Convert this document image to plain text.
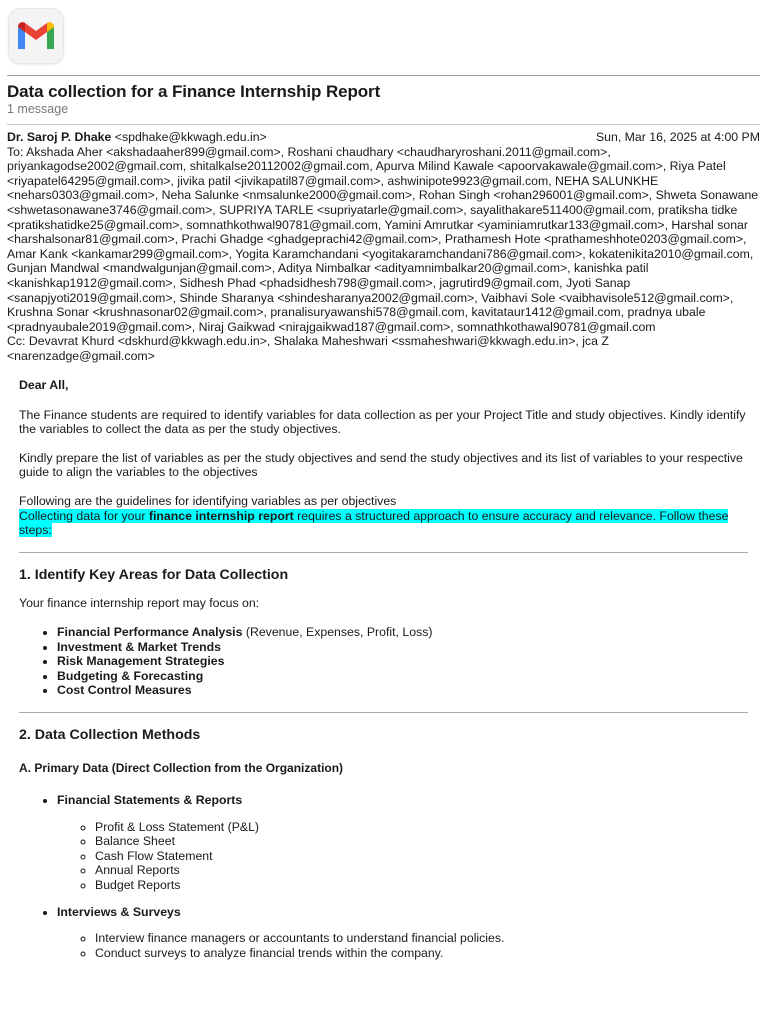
Data collection for a Finance Internship Report
1 message
Dr. Saroj P. Dhake <spdhake@kkwagh.edu.in>	Sun, Mar 16, 2025 at 4:00 PM
To: Akshada Aher <akshadaaher899@gmail.com>, Roshani chaudhary <chaudharyroshani.2011@gmail.com>, priyankagodse2002@gmail.com, shitalkalse20112002@gmail.com, Apurva Milind Kawale <apoorvakawale@gmail.com>, Riya Patel <riyapatel64295@gmail.com>, jivika patil <jivikapatil87@gmail.com>, ashwinipote9923@gmail.com, NEHA SALUNKHE <nehars0303@gmail.com>, Neha Salunke <nmsalunke2000@gmail.com>, Rohan Singh <rohan296001@gmail.com>, Shweta Sonawane <shwetasonawane3746@gmail.com>, SUPRIYA TARLE <supriyatarle@gmail.com>, sayalithakare511400@gmail.com, pratiksha tidke <pratikshatidke25@gmail.com>, somnathkothwal90781@gmail.com, Yamini Amrutkar <yaminiamrutkar133@gmail.com>, Harshal sonar <harshalsonar81@gmail.com>, Prachi Ghadge <ghadgeprachi42@gmail.com>, Prathamesh Hote <prathameshhote0203@gmail.com>, Amar Kank <kankamar299@gmail.com>, Yogita Karamchandani <yogitakaramchandani786@gmail.com>, kokatenikita2010@gmail.com, Gunjan Mandwal <mandwalgunjan@gmail.com>, Aditya Nimbalkar <adityamnimbalkar20@gmail.com>, kanishka patil <kanishkap1912@gmail.com>, Sidhesh Phad <phadsidhesh798@gmail.com>, jagrutird9@gmail.com, Jyoti Sanap <sanapjyoti2019@gmail.com>, Shinde Sharanya <shindesharanya2002@gmail.com>, Vaibhavi Sole <vaibhavisole512@gmail.com>, Krushna Sonar <krushnasonar02@gmail.com>, pranalisuryawanshi578@gmail.com, kavitataur1412@gmail.com, pradnya ubale <pradnyaubale2019@gmail.com>, Niraj Gaikwad <nirajgaikwad187@gmail.com>, somnathkothawal90781@gmail.com
Cc: Devavrat Khurd <dskhurd@kkwagh.edu.in>, Shalaka Maheshwari <ssmaheshwari@kkwagh.edu.in>, jca Z <narenzadge@gmail.com>

Dear All,

The Finance students are required to identify variables for data collection as per your Project Title and study objectives. Kindly identify the variables to collect the data as per the study objectives.

Kindly prepare the list of variables as per the study objectives and send the study objectives and its list of variables to your respective guide to align the variables to the objectives

Following are the guidelines for identifying variables as per objectives

Collecting data for your finance internship report requires a structured approach to ensure accuracy and relevance. Follow these steps:

1. Identify Key Areas for Data Collection

Your finance internship report may focus on:

• Financial Performance Analysis (Revenue, Expenses, Profit, Loss)
• Investment & Market Trends
• Risk Management Strategies
• Budgeting & Forecasting
• Cost Control Measures
2. Data Collection Methods

A. Primary Data (Direct Collection from the Organization)

• Financial Statements & Reports
◦ Profit & Loss Statement (P&L)
◦ Balance Sheet
◦ Cash Flow Statement
◦ Annual Reports
◦ Budget Reports
• Interviews & Surveys
◦ Interview finance managers or accountants to understand financial policies.
◦ Conduct surveys to analyze financial trends within the company.
